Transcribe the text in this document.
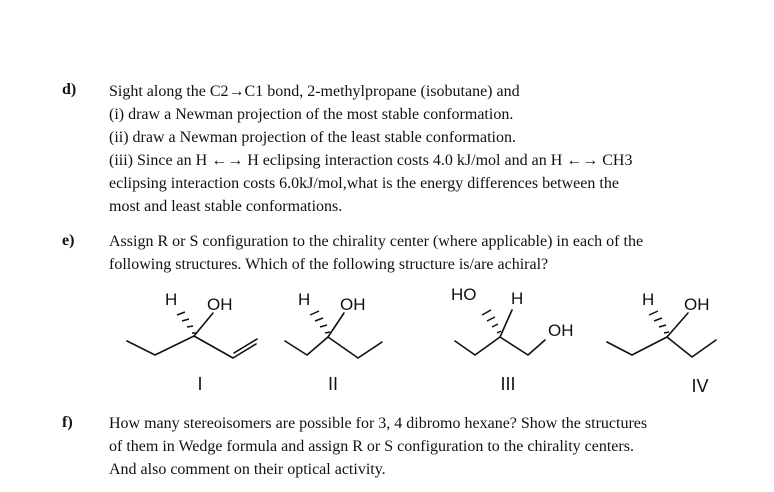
d) Sight along the C2→C1 bond, 2-methylpropane (isobutane) and
(i) draw a Newman projection of the most stable conformation.
(ii) draw a Newman projection of the least stable conformation.
(iii) Since an H ←→ H eclipsing interaction costs 4.0 kJ/mol and an H ←→ CH3
eclipsing interaction costs 6.0kJ/mol,what is the energy differences between the
most and least stable conformations.
e) Assign R or S configuration to the chirality center (where applicable) in each of the
following structures. Which of the following structure is/are achiral?
H OH
I
H OH
II
HO H
OH
III
H OH
IV
f) How many stereoisomers are possible for 3, 4 dibromo hexane? Show the structures
of them in Wedge formula and assign R or S configuration to the chirality centers.
And also comment on their optical activity.
